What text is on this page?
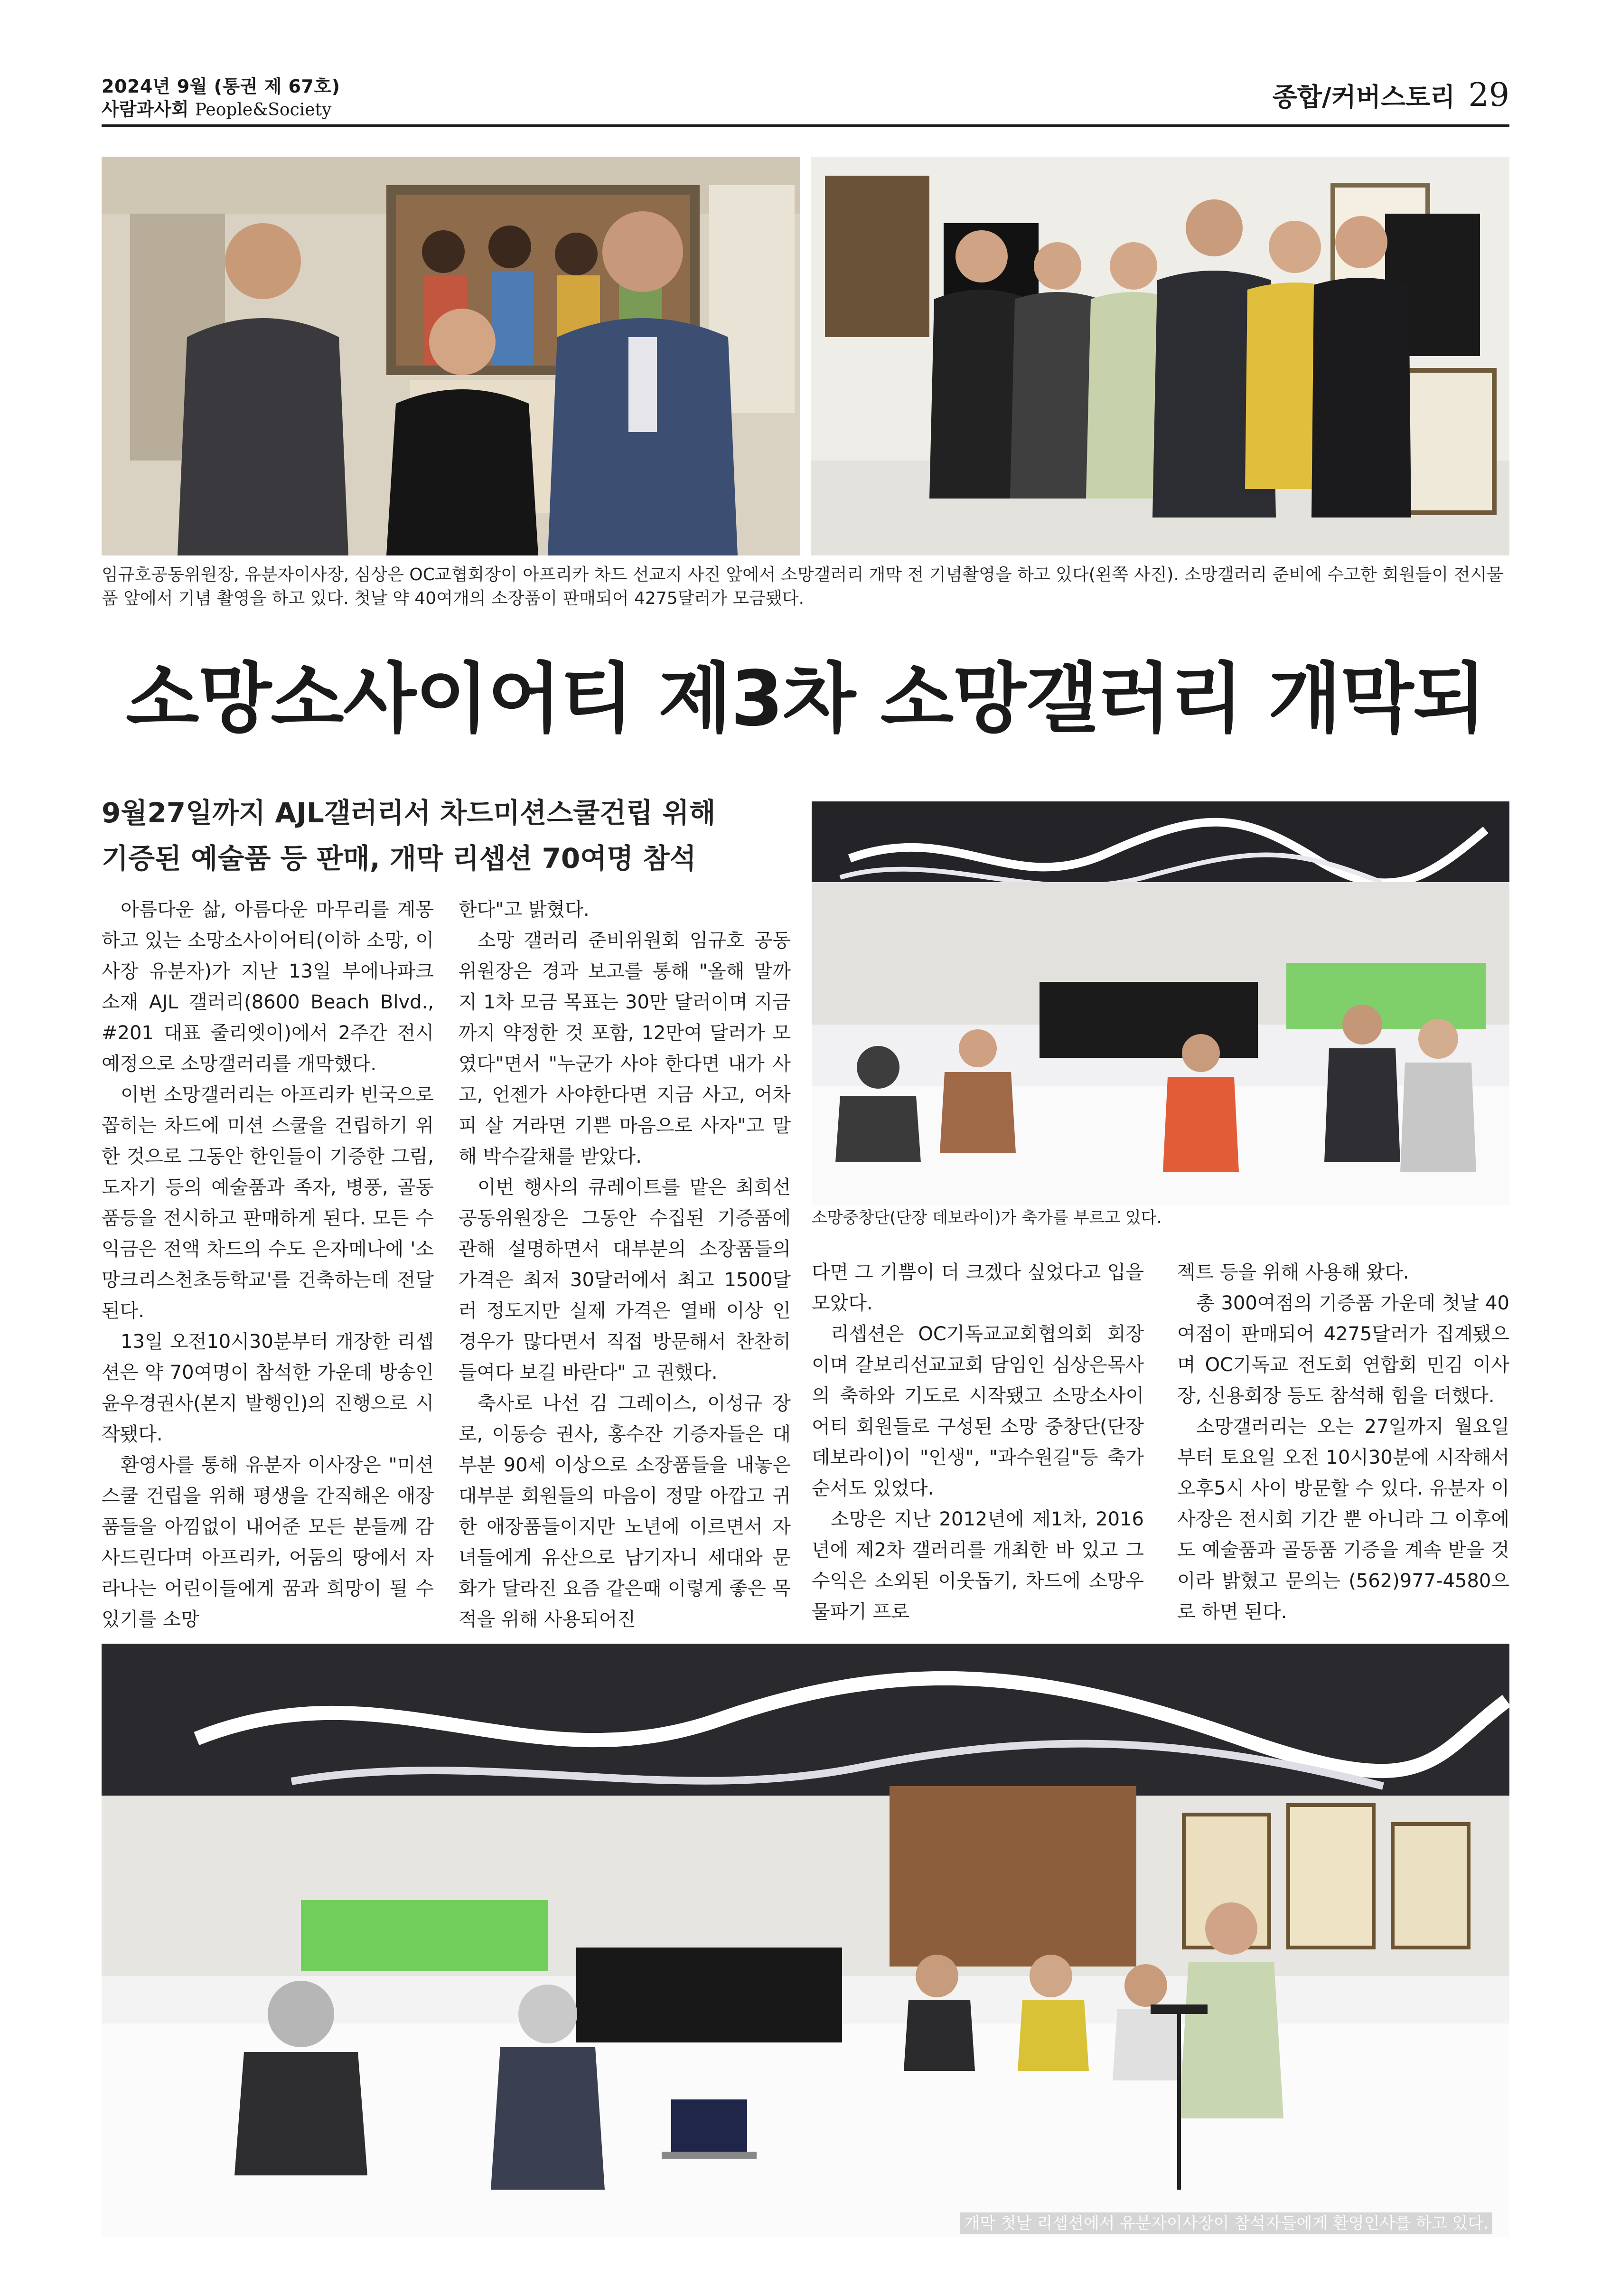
2024년 9월 (통권 제 67호)
사람과사회 People&Society	종합/커버스토리 29
임규호공동위원장, 유분자이사장, 심상은 OC교협회장이 아프리카 차드 선교지 사진 앞에서 소망갤러리 개막 전 기념촬영을 하고 있다(왼쪽 사진). 소망갤러리 준비에 수고한 회원들이 전시물품 앞에서 기념 촬영을 하고 있다. 첫날 약 40여개의 소장품이 판매되어 4275달러가 모금됐다.
소망소사이어티 제3차 소망갤러리 개막되
9월27일까지 AJL갤러리서 차드미션스쿨건립 위해
기증된 예술품 등 판매, 개막 리셉션 70여명 참석
소망중창단(단장 데보라이)가 축가를 부르고 있다.

아름다운 삶, 아름다운 마무리를 계몽하고 있는 소망소사이어티(이하 소망, 이사장 유분자)가 지난 13일 부에나파크 소재 AJL 갤러리(8600 Beach Blvd., #201 대표 줄리엣이)에서 2주간 전시 예정으로 소망갤러리를 개막했다.

이번 소망갤러리는 아프리카 빈국으로 꼽히는 차드에 미션 스쿨을 건립하기 위한 것으로 그동안 한인들이 기증한 그림, 도자기 등의 예술품과 족자, 병풍, 골동품등을 전시하고 판매하게 된다. 모든 수익금은 전액 차드의 수도 은자메나에 '소망크리스천초등학교'를 건축하는데 전달된다.

13일 오전10시30분부터 개장한 리셉션은 약 70여명이 참석한 가운데 방송인 윤우경권사(본지 발행인)의 진행으로 시작됐다.

환영사를 통해 유분자 이사장은 "미션스쿨 건립을 위해 평생을 간직해온 애장품들을 아낌없이 내어준 모든 분들께 감사드린다며 아프리카, 어둠의 땅에서 자라나는 어린이들에게 꿈과 희망이 될 수 있기를 소망

한다"고 밝혔다.

소망 갤러리 준비위원회 임규호 공동위원장은 경과 보고를 통해 "올해 말까지 1차 모금 목표는 30만 달러이며 지금까지 약정한 것 포함, 12만여 달러가 모였다"면서 "누군가 사야 한다면 내가 사고, 언젠가 사야한다면 지금 사고, 어차피 살 거라면 기쁜 마음으로 사자"고 말해 박수갈채를 받았다.

이번 행사의 큐레이트를 맡은 최희선 공동위원장은 그동안 수집된 기증품에 관해 설명하면서 대부분의 소장품들의 가격은 최저 30달러에서 최고 1500달러 정도지만 실제 가격은 열배 이상 인 경우가 많다면서 직접 방문해서 찬찬히 들여다 보길 바란다" 고 권했다.

축사로 나선 김 그레이스, 이성규 장로, 이동승 권사, 홍수잔 기증자들은 대부분 90세 이상으로 소장품들을 내놓은 대부분 회원들의 마음이 정말 아깝고 귀한 애장품들이지만 노년에 이르면서 자녀들에게 유산으로 남기자니 세대와 문화가 달라진 요즘 같은때 이렇게 좋은 목적을 위해 사용되어진

다면 그 기쁨이 더 크겠다 싶었다고 입을 모았다.

리셉션은 OC기독교교회협의회 회장이며 갈보리선교교회 담임인 심상은목사의 축하와 기도로 시작됐고 소망소사이어티 회원들로 구성된 소망 중창단(단장 데보라이)이 "인생", "과수원길"등 축가 순서도 있었다.

소망은 지난 2012년에 제1차, 2016년에 제2차 갤러리를 개최한 바 있고 그 수익은 소외된 이웃돕기, 차드에 소망우물파기 프로

젝트 등을 위해 사용해 왔다.

총 300여점의 기증품 가운데 첫날 40여점이 판매되어 4275달러가 집계됐으며 OC기독교 전도회 연합회 민김 이사장, 신용회장 등도 참석해 힘을 더했다.

소망갤러리는 오는 27일까지 월요일부터 토요일 오전 10시30분에 시작해서 오후5시 사이 방문할 수 있다. 유분자 이사장은 전시회 기간 뿐 아니라 그 이후에도 예술품과 골동품 기증을 계속 받을 것이라 밝혔고 문의는 (562)977-4580으로 하면 된다.

개막 첫날 리셉션에서 유분자이사장이 참석자들에게 환영인사를 하고 있다.
